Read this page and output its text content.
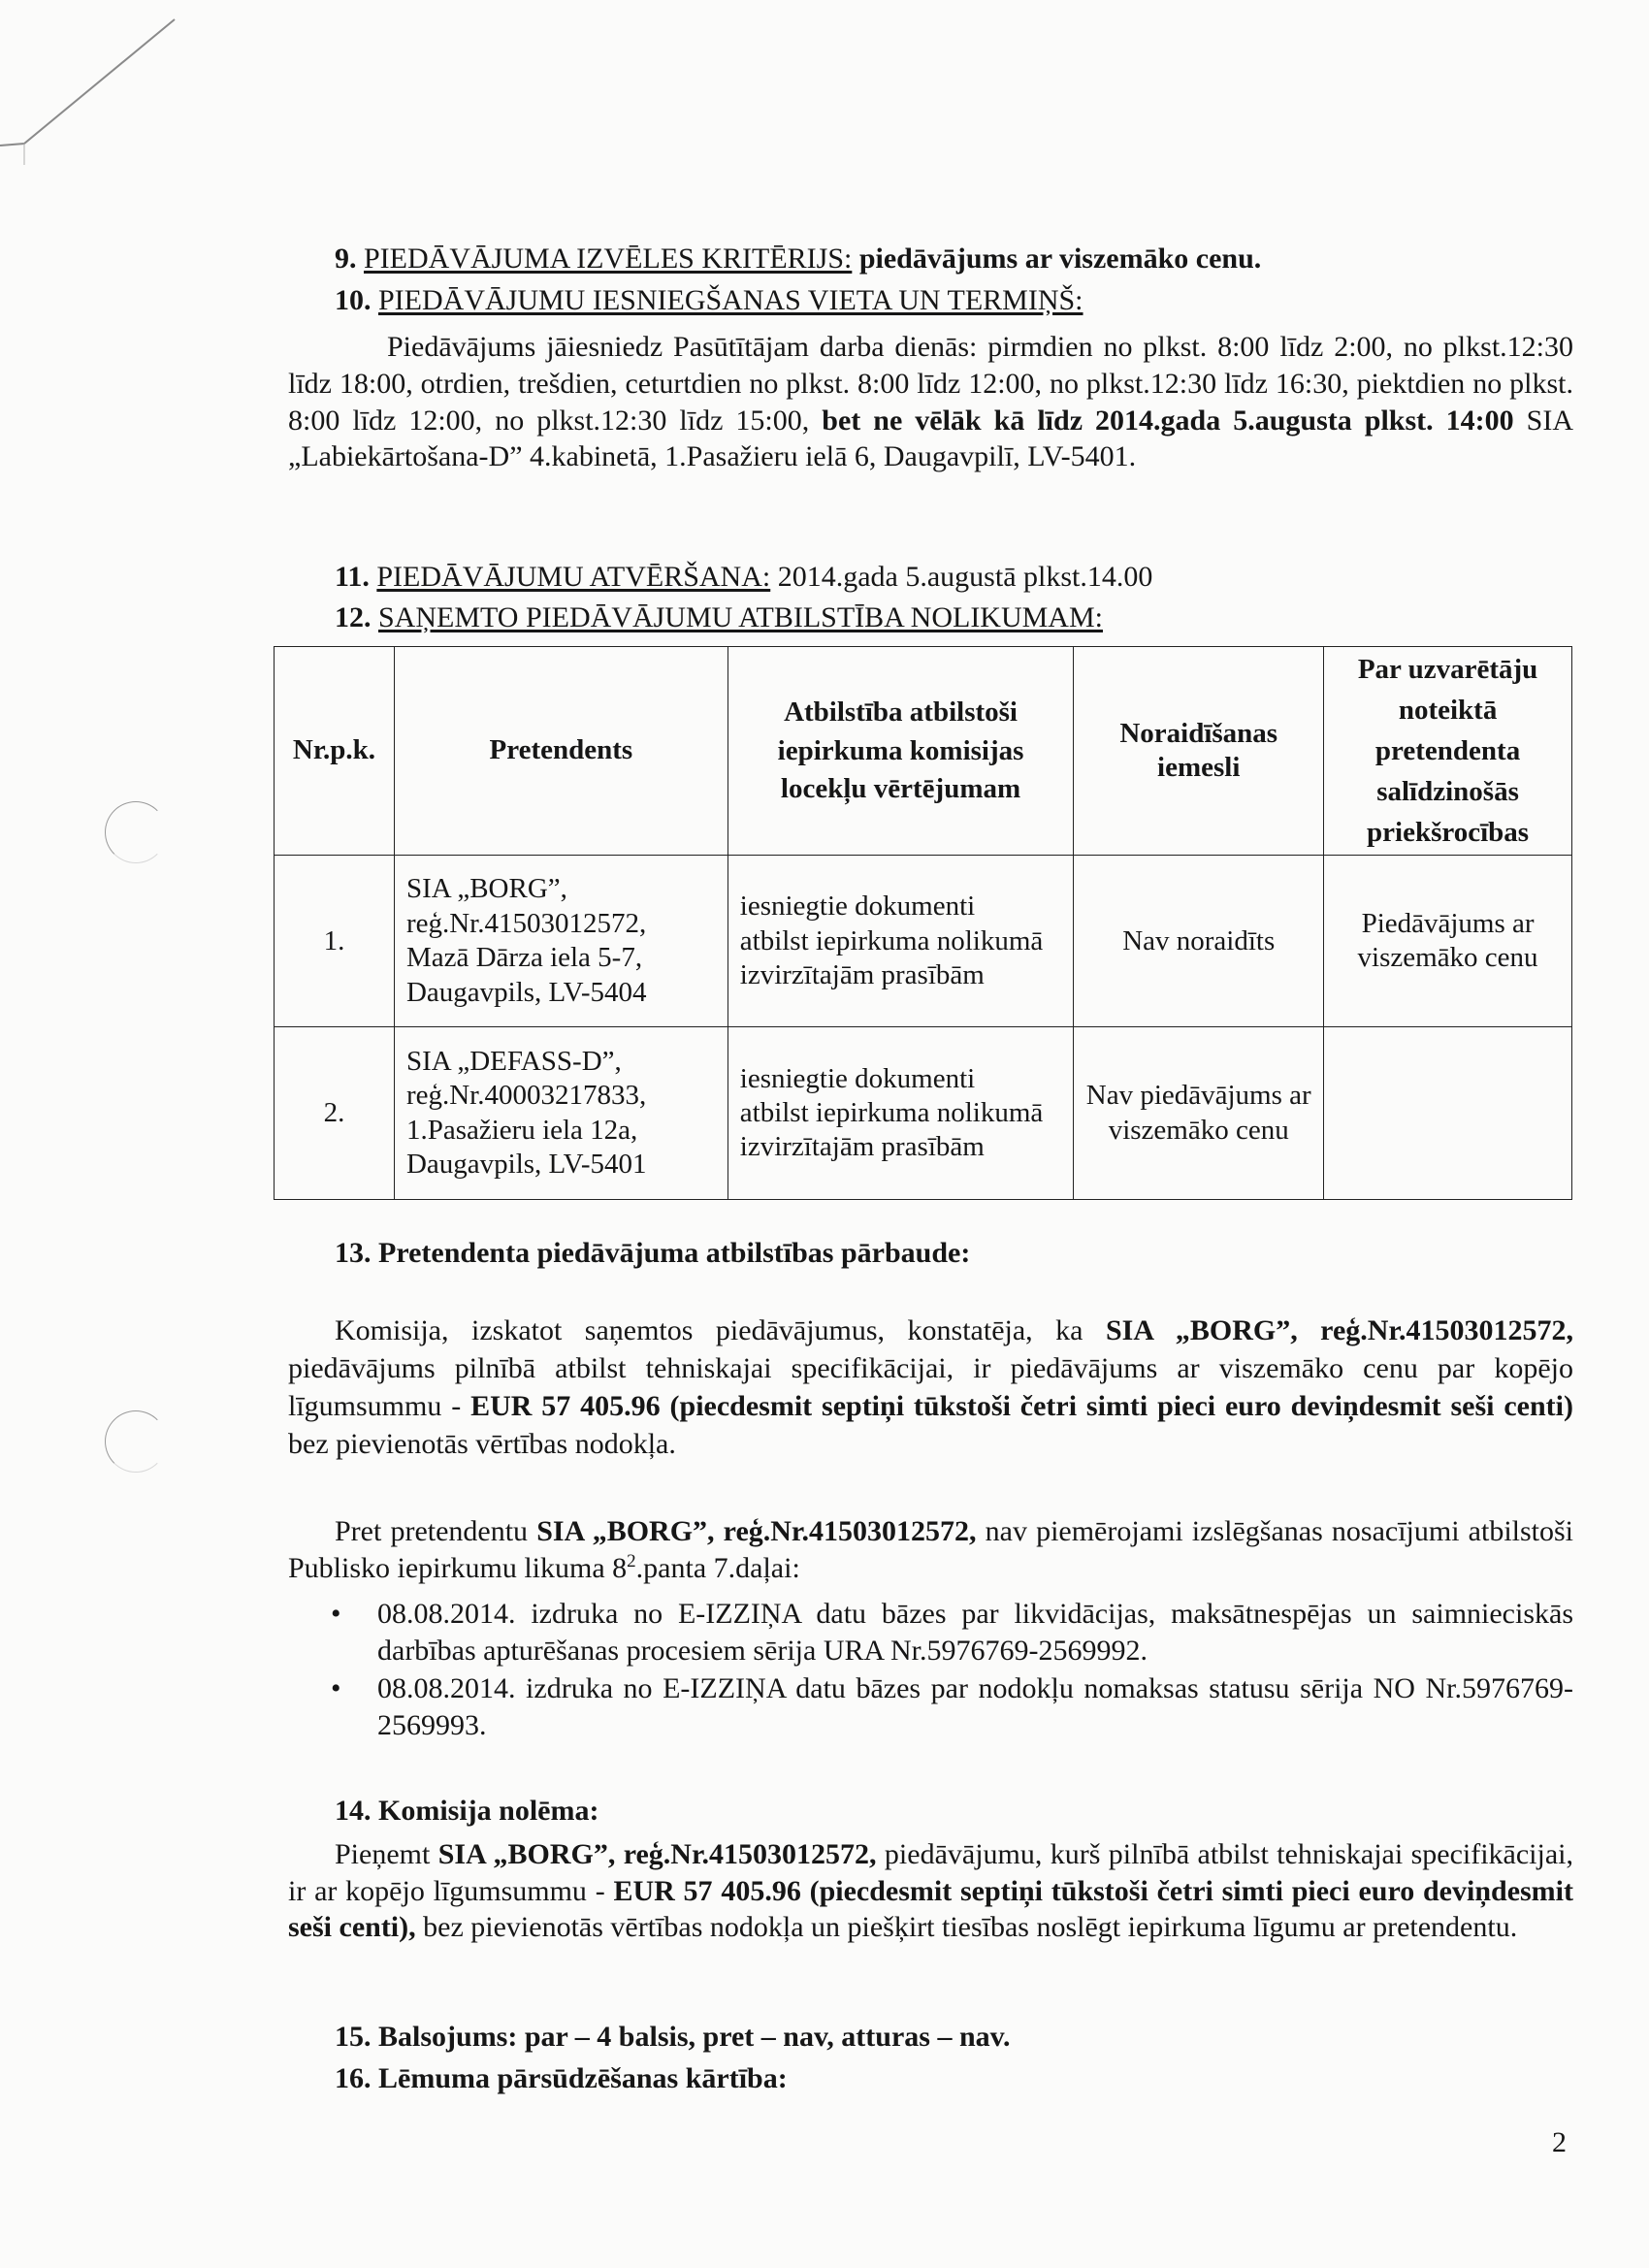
9. PIEDĀVĀJUMA IZVĒLES KRITĒRIJS: piedāvājums ar viszemāko cenu.
10. PIEDĀVĀJUMU IESNIEGŠANAS VIETA UN TERMIŅŠ:
Piedāvājums jāiesniedz Pasūtītājam darba dienās: pirmdien no plkst. 8:00 līdz 2:00, no plkst.12:30 līdz 18:00, otrdien, trešdien, ceturtdien no plkst. 8:00 līdz 12:00, no plkst.12:30 līdz 16:30, piektdien no plkst. 8:00 līdz 12:00, no plkst.12:30 līdz 15:00, bet ne vēlāk kā līdz 2014.gada 5.augusta plkst. 14:00 SIA „Labiekārtošana-D” 4.kabinetā, 1.Pasažieru ielā 6, Daugavpilī, LV-5401.
11. PIEDĀVĀJUMU ATVĒRŠANA: 2014.gada 5.augustā plkst.14.00
12. SAŅEMTO PIEDĀVĀJUMU ATBILSTĪBA NOLIKUMAM:
Nr.p.k.	Pretendents	Atbilstība atbilstoši iepirkuma komisijas locekļu vērtējumam	Noraidīšanas iemesli	Par uzvarētāju noteiktā pretendenta salīdzinošās priekšrocības
1.	SIA „BORG”,
reģ.Nr.41503012572,
Mazā Dārza iela 5-7,
Daugavpils, LV-5404	iesniegtie dokumenti atbilst iepirkuma nolikumā izvirzītajām prasībām	Nav noraidīts	Piedāvājums ar viszemāko cenu
2.	SIA „DEFASS-D”,
reģ.Nr.40003217833,
1.Pasažieru iela 12a,
Daugavpils, LV-5401	iesniegtie dokumenti atbilst iepirkuma nolikumā izvirzītajām prasībām	Nav piedāvājums ar viszemāko cenu	
13. Pretendenta piedāvājuma atbilstības pārbaude:
Komisija, izskatot saņemtos piedāvājumus, konstatēja, ka SIA „BORG”, reģ.Nr.41503012572, piedāvājums pilnībā atbilst tehniskajai specifikācijai, ir piedāvājums ar viszemāko cenu par kopējo līgumsummu - EUR 57 405.96 (piecdesmit septiņi tūkstoši četri simti pieci euro deviņdesmit seši centi) bez pievienotās vērtības nodokļa.
Pret pretendentu SIA „BORG”, reģ.Nr.41503012572, nav piemērojami izslēgšanas nosacījumi atbilstoši Publisko iepirkumu likuma $8^2.panta$ 7.daļai:
• 08.08.2014. izdruka no E-IZZIŅA datu bāzes par likvidācijas, maksātnespējas un saimnieciskās darbības apturēšanas procesiem sērija URA Nr.5976769-2569992.
• 08.08.2014. izdruka no E-IZZIŅA datu bāzes par nodokļu nomaksas statusu sērija NO Nr.5976769-2569993.
14. Komisija nolēma:
Pieņemt SIA „BORG”, reģ.Nr.41503012572, piedāvājumu, kurš pilnībā atbilst tehniskajai specifikācijai, ir ar kopējo līgumsummu - EUR 57 405.96 (piecdesmit septiņi tūkstoši četri simti pieci euro deviņdesmit seši centi), bez pievienotās vērtības nodokļa un piešķirt tiesības noslēgt iepirkuma līgumu ar pretendentu.
15. Balsojums: par – 4 balsis, pret – nav, atturas – nav.
16. Lēmuma pārsūdzēšanas kārtība:
2
